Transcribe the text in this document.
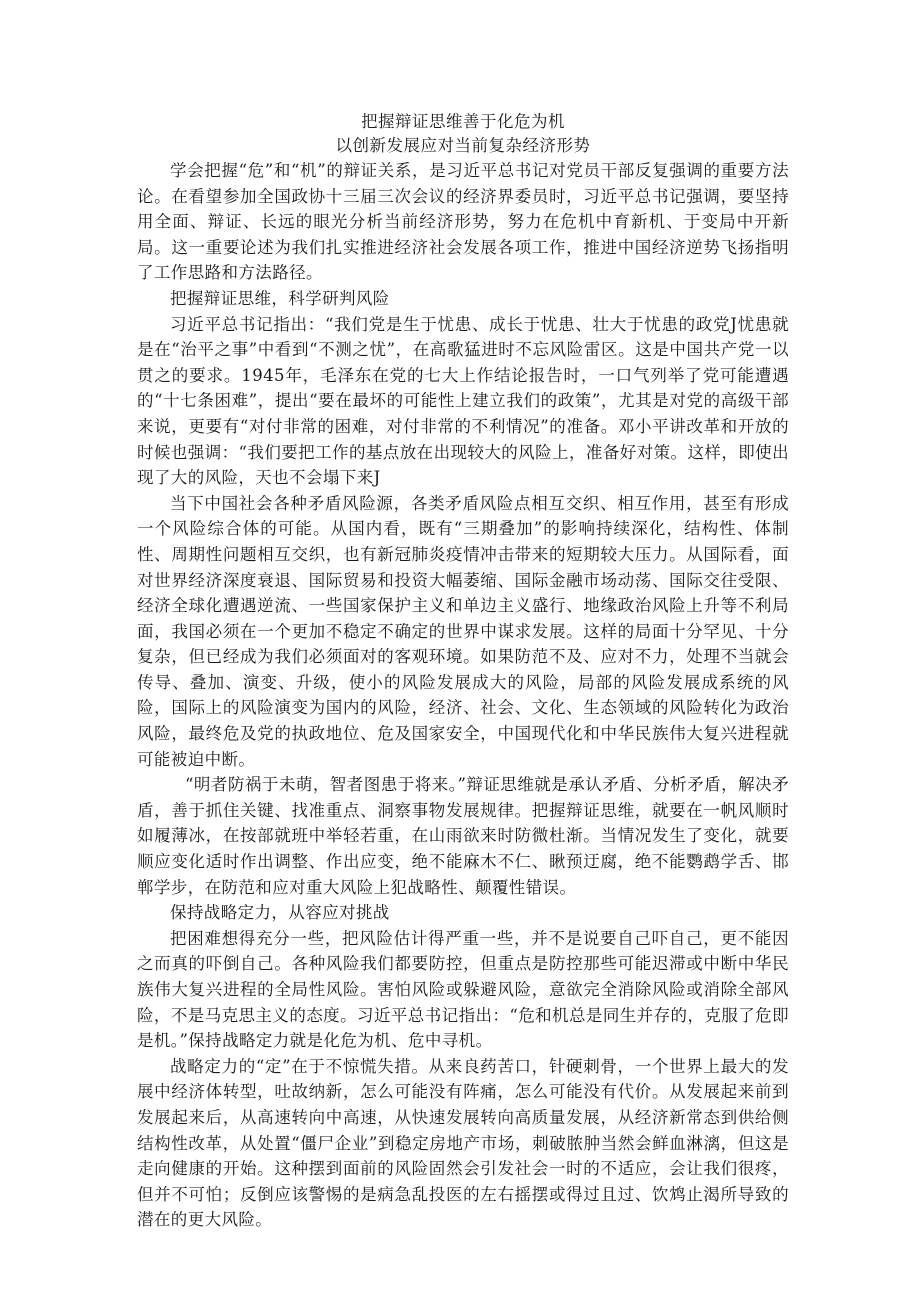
把握辩证思维善于化危为机

以创新发展应对当前复杂经济形势

学会把握“危”和“机”的辩证关系，是习近平总书记对党员干部反复强调的重要方法论。在看望参加全国政协十三届三次会议的经济界委员时，习近平总书记强调，要坚持用全面、辩证、长远的眼光分析当前经济形势，努力在危机中育新机、于变局中开新局。这一重要论述为我们扎实推进经济社会发展各项工作，推进中国经济逆势飞扬指明了工作思路和方法路径。

把握辩证思维，科学研判风险

习近平总书记指出：“我们党是生于忧患、成长于忧患、壮大于忧患的政党J忧患就是在“治平之事”中看到“不测之忧”，在高歌猛进时不忘风险雷区。这是中国共产党一以贯之的要求。1945年，毛泽东在党的七大上作结论报告时，一口气列举了党可能遭遇的“十七条困难”，提出“要在最坏的可能性上建立我们的政策”，尤其是对党的高级干部来说，更要有“对付非常的困难，对付非常的不利情况”的准备。邓小平讲改革和开放的时候也强调：“我们要把工作的基点放在出现较大的风险上，准备好对策。这样，即使出现了大的风险，天也不会塌下来J

当下中国社会各种矛盾风险源，各类矛盾风险点相互交织、相互作用，甚至有形成一个风险综合体的可能。从国内看，既有“三期叠加”的影响持续深化，结构性、体制性、周期性问题相互交织，也有新冠肺炎疫情冲击带来的短期较大压力。从国际看，面对世界经济深度衰退、国际贸易和投资大幅萎缩、国际金融市场动荡、国际交往受限、经济全球化遭遇逆流、一些国家保护主义和单边主义盛行、地缘政治风险上升等不利局面，我国必须在一个更加不稳定不确定的世界中谋求发展。这样的局面十分罕见、十分复杂，但已经成为我们必须面对的客观环境。如果防范不及、应对不力，处理不当就会传导、叠加、演变、升级，使小的风险发展成大的风险，局部的风险发展成系统的风险，国际上的风险演变为国内的风险，经济、社会、文化、生态领域的风险转化为政治风险，最终危及党的执政地位、危及国家安全，中国现代化和中华民族伟大复兴进程就可能被迫中断。

“明者防祸于未萌，智者图患于将来。”辩证思维就是承认矛盾、分析矛盾，解决矛盾，善于抓住关键、找准重点、洞察事物发展规律。把握辩证思维，就要在一帆风顺时如履薄冰，在按部就班中举轻若重，在山雨欲来时防微杜渐。当情况发生了变化，就要顺应变化适时作出调整、作出应变，绝不能麻木不仁、瞅预迂腐，绝不能鹦鹉学舌、邯郸学步，在防范和应对重大风险上犯战略性、颠覆性错误。

保持战略定力，从容应对挑战

把困难想得充分一些，把风险估计得严重一些，并不是说要自己吓自己，更不能因之而真的吓倒自己。各种风险我们都要防控，但重点是防控那些可能迟滞或中断中华民族伟大复兴进程的全局性风险。害怕风险或躲避风险，意欲完全消除风险或消除全部风险，不是马克思主义的态度。习近平总书记指出：“危和机总是同生并存的，克服了危即是机。”保持战略定力就是化危为机、危中寻机。

战略定力的“定”在于不惊慌失措。从来良药苦口，针硬刺骨，一个世界上最大的发展中经济体转型，吐故纳新，怎么可能没有阵痛，怎么可能没有代价。从发展起来前到发展起来后，从高速转向中高速，从快速发展转向高质量发展，从经济新常态到供给侧结构性改革，从处置“僵尸企业”到稳定房地产市场，刺破脓肿当然会鲜血淋漓，但这是走向健康的开始。这种摆到面前的风险固然会引发社会一时的不适应，会让我们很疼，但并不可怕；反倒应该警惕的是病急乱投医的左右摇摆或得过且过、饮鸩止渴所导致的潜在的更大风险。
